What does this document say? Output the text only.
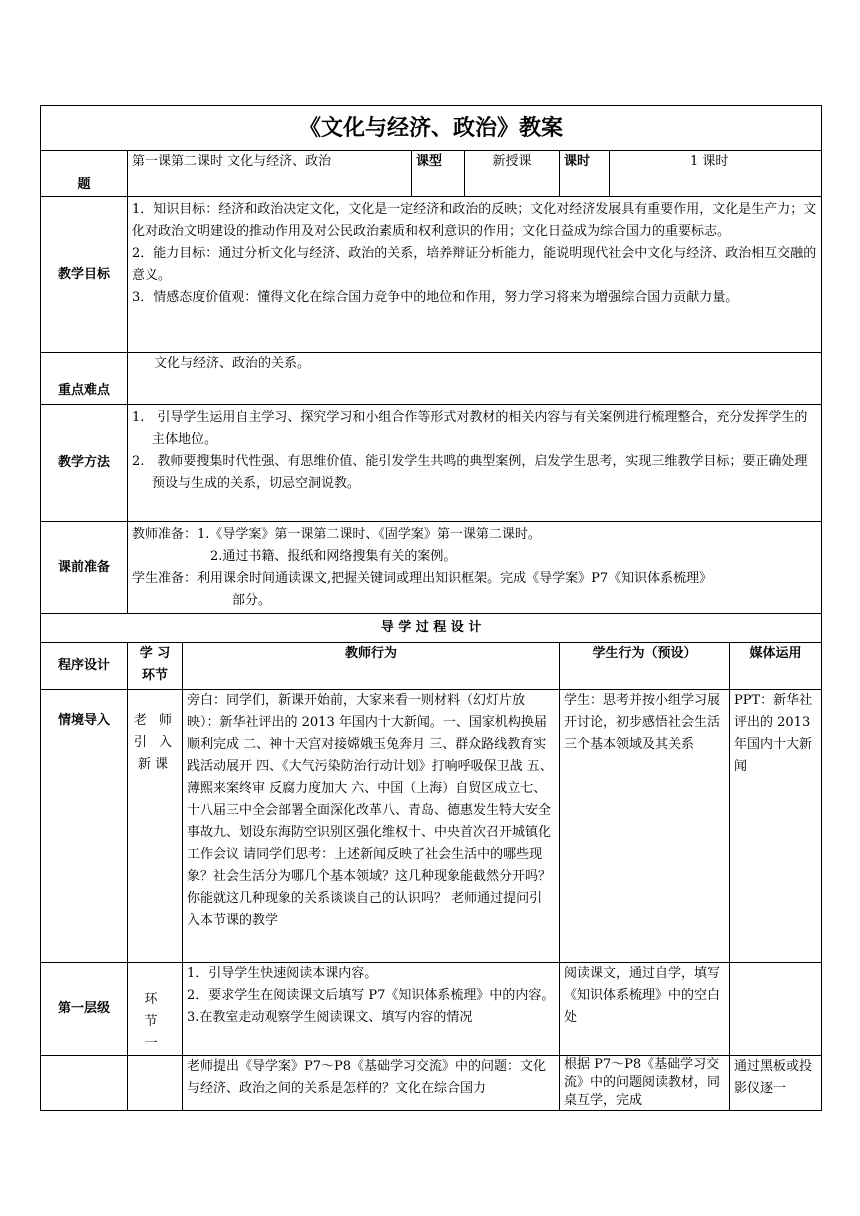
《文化与经济、政治》教案							
题	第一课第二课时 文化与经济、政治		课型	新授课	课时	1 课时	
教学目标	1．知识目标：经济和政治决定文化，文化是一定经济和政治的反映；文化对经济发展具有重要作用，文化是生产力；文化对政治文明建设的推动作用及对公民政治素质和权利意识的作用；文化日益成为综合国力的重要标志。
2．能力目标：通过分析文化与经济、政治的关系，培养辩证分析能力，能说明现代社会中文化与经济、政治相互交融的意义。
3．情感态度价值观：懂得文化在综合国力竞争中的地位和作用，努力学习将来为增强综合国力贡献力量。						

重点难点	文化与经济、政治的关系。						
教学方法	1.　引导学生运用自主学习、探究学习和小组合作等形式对教材的相关内容与有关案例进行梳理整合，充分发挥学生的主体地位。
2.　教师要搜集时代性强、有思维价值、能引发学生共鸣的典型案例，启发学生思考，实现三维教学目标；要正确处理预设与生成的关系，切忌空洞说教。						

课前准备	教师准备：1.《导学案》第一课第二课时、《固学案》第一课第二课时。
2.通过书籍、报纸和网络搜集有关的案例。
学生准备：利用课余时间通读课文,把握关键词或理出知识框架。完成《导学案》P7《知识体系梳理》
部分。						

导 学 过 程 设 计							
程序设计	学 习 环节	教师行为			学生行为（预设）		媒体运用
情境导入	老 师 引 入 新课	旁白：同学们，新课开始前，大家来看一则材料（幻灯片放映）：新华社评出的 2013 年国内十大新闻。一、国家机构换届顺利完成 二、神十天宫对接嫦娥玉兔奔月 三、群众路线教育实践活动展开 四、《大气污染防治行动计划》打响呼吸保卫战 五、薄熙来案终审 反腐力度加大 六、中国（上海）自贸区成立七、十八届三中全会部署全面深化改革八、青岛、德惠发生特大安全事故九、划设东海防空识别区强化维权十、中央首次召开城镇化工作会议 请同学们思考：上述新闻反映了社会生活中的哪些现象？社会生活分为哪几个基本领域？这几种现象能截然分开吗？你能就这几种现象的关系谈谈自己的认识吗？ 老师通过提问引入本节课的教学			学生：思考并按小组学习展开讨论，初步感悟社会生活三个基本领域及其关系		PPT：新华社评出的 2013 年国内十大新闻
第一层级	环 节 一	1．引导学生快速阅读本课内容。
2．要求学生在阅读课文后填写 P7《知识体系梳理》中的内容。
3.在教室走动观察学生阅读课文、填写内容的情况			阅读课文，通过自学，填写《知识体系梳理》中的空白处		
		老师提出《导学案》P7～P8《基础学习交流》中的问题：文化与经济、政治之间的关系是怎样的？文化在综合国力			根据 P7～P8《基础学习交流》中的问题阅读教材，同桌互学，完成		通过黑板或投影仪逐一
